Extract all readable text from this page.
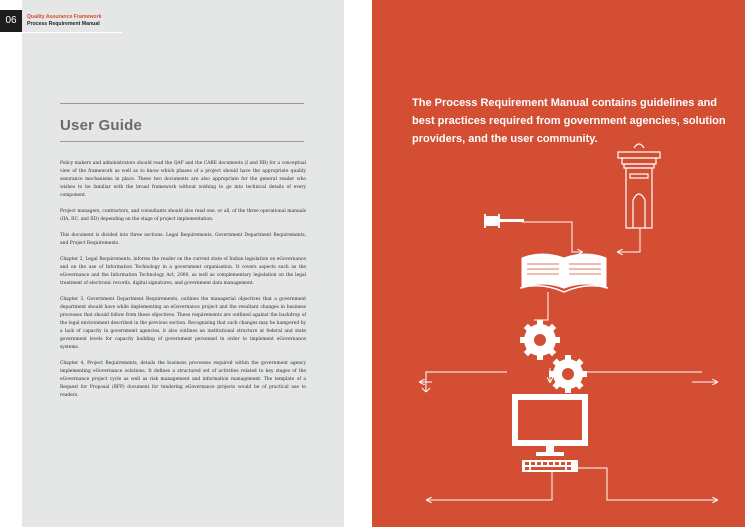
06	Quality Assurance Framework
Process Requirement Manual
User Guide

Policy makers and administrators should read the QAF and the CARE documents (I and IIB) for a conceptual view of the framework as well as to know which phases of a project should have the appropriate quality assurance mechanisms in place. These two documents are also appropriate for the general reader who wishes to be familiar with the broad framework without wishing to go into technical details of every component.

Project managers, contractors, and consultants should also read one, or all, of the three operational manuals (IIA, IIC, and IID) depending on the stage of project implementation.

This document is divided into three sections: Legal Requirements, Government Department Requirements, and Project Requirements.

Chapter 2, Legal Requirements, informs the reader on the current state of Indian legislation on eGovernance and on the use of Information Technology in a government organisation. It covers aspects such as the eGovernance and the Information Technology Act, 2000, as well as complementary legislation on the legal treatment of electronic records, digital signatures, and government data management.

Chapter 3, Government Department Requirements, outlines the managerial objectives that a government department should have while implementing an eGovernance project and the resultant changes in business processes that should follow from these objectives. These requirements are outlined against the backdrop of the legal environment described in the previous section. Recognising that such changes may be hampered by a lack of capacity in government agencies, it also outlines an institutional structure at federal and state government levels for capacity building of government personnel in order to implement eGovernance systems.

Chapter 4, Project Requirements, details the business processes required within the government agency implementing eGovernance solutions. It defines a structured set of activities related to key stages of the eGovernance project cycle as well as risk management and information management. The template of a Request for Proposal (RFP) document for tendering eGovernance projects would be of practical use to readers.

The Process Requirement Manual contains guidelines and best practices required from government agencies, solution providers, and the user community.
